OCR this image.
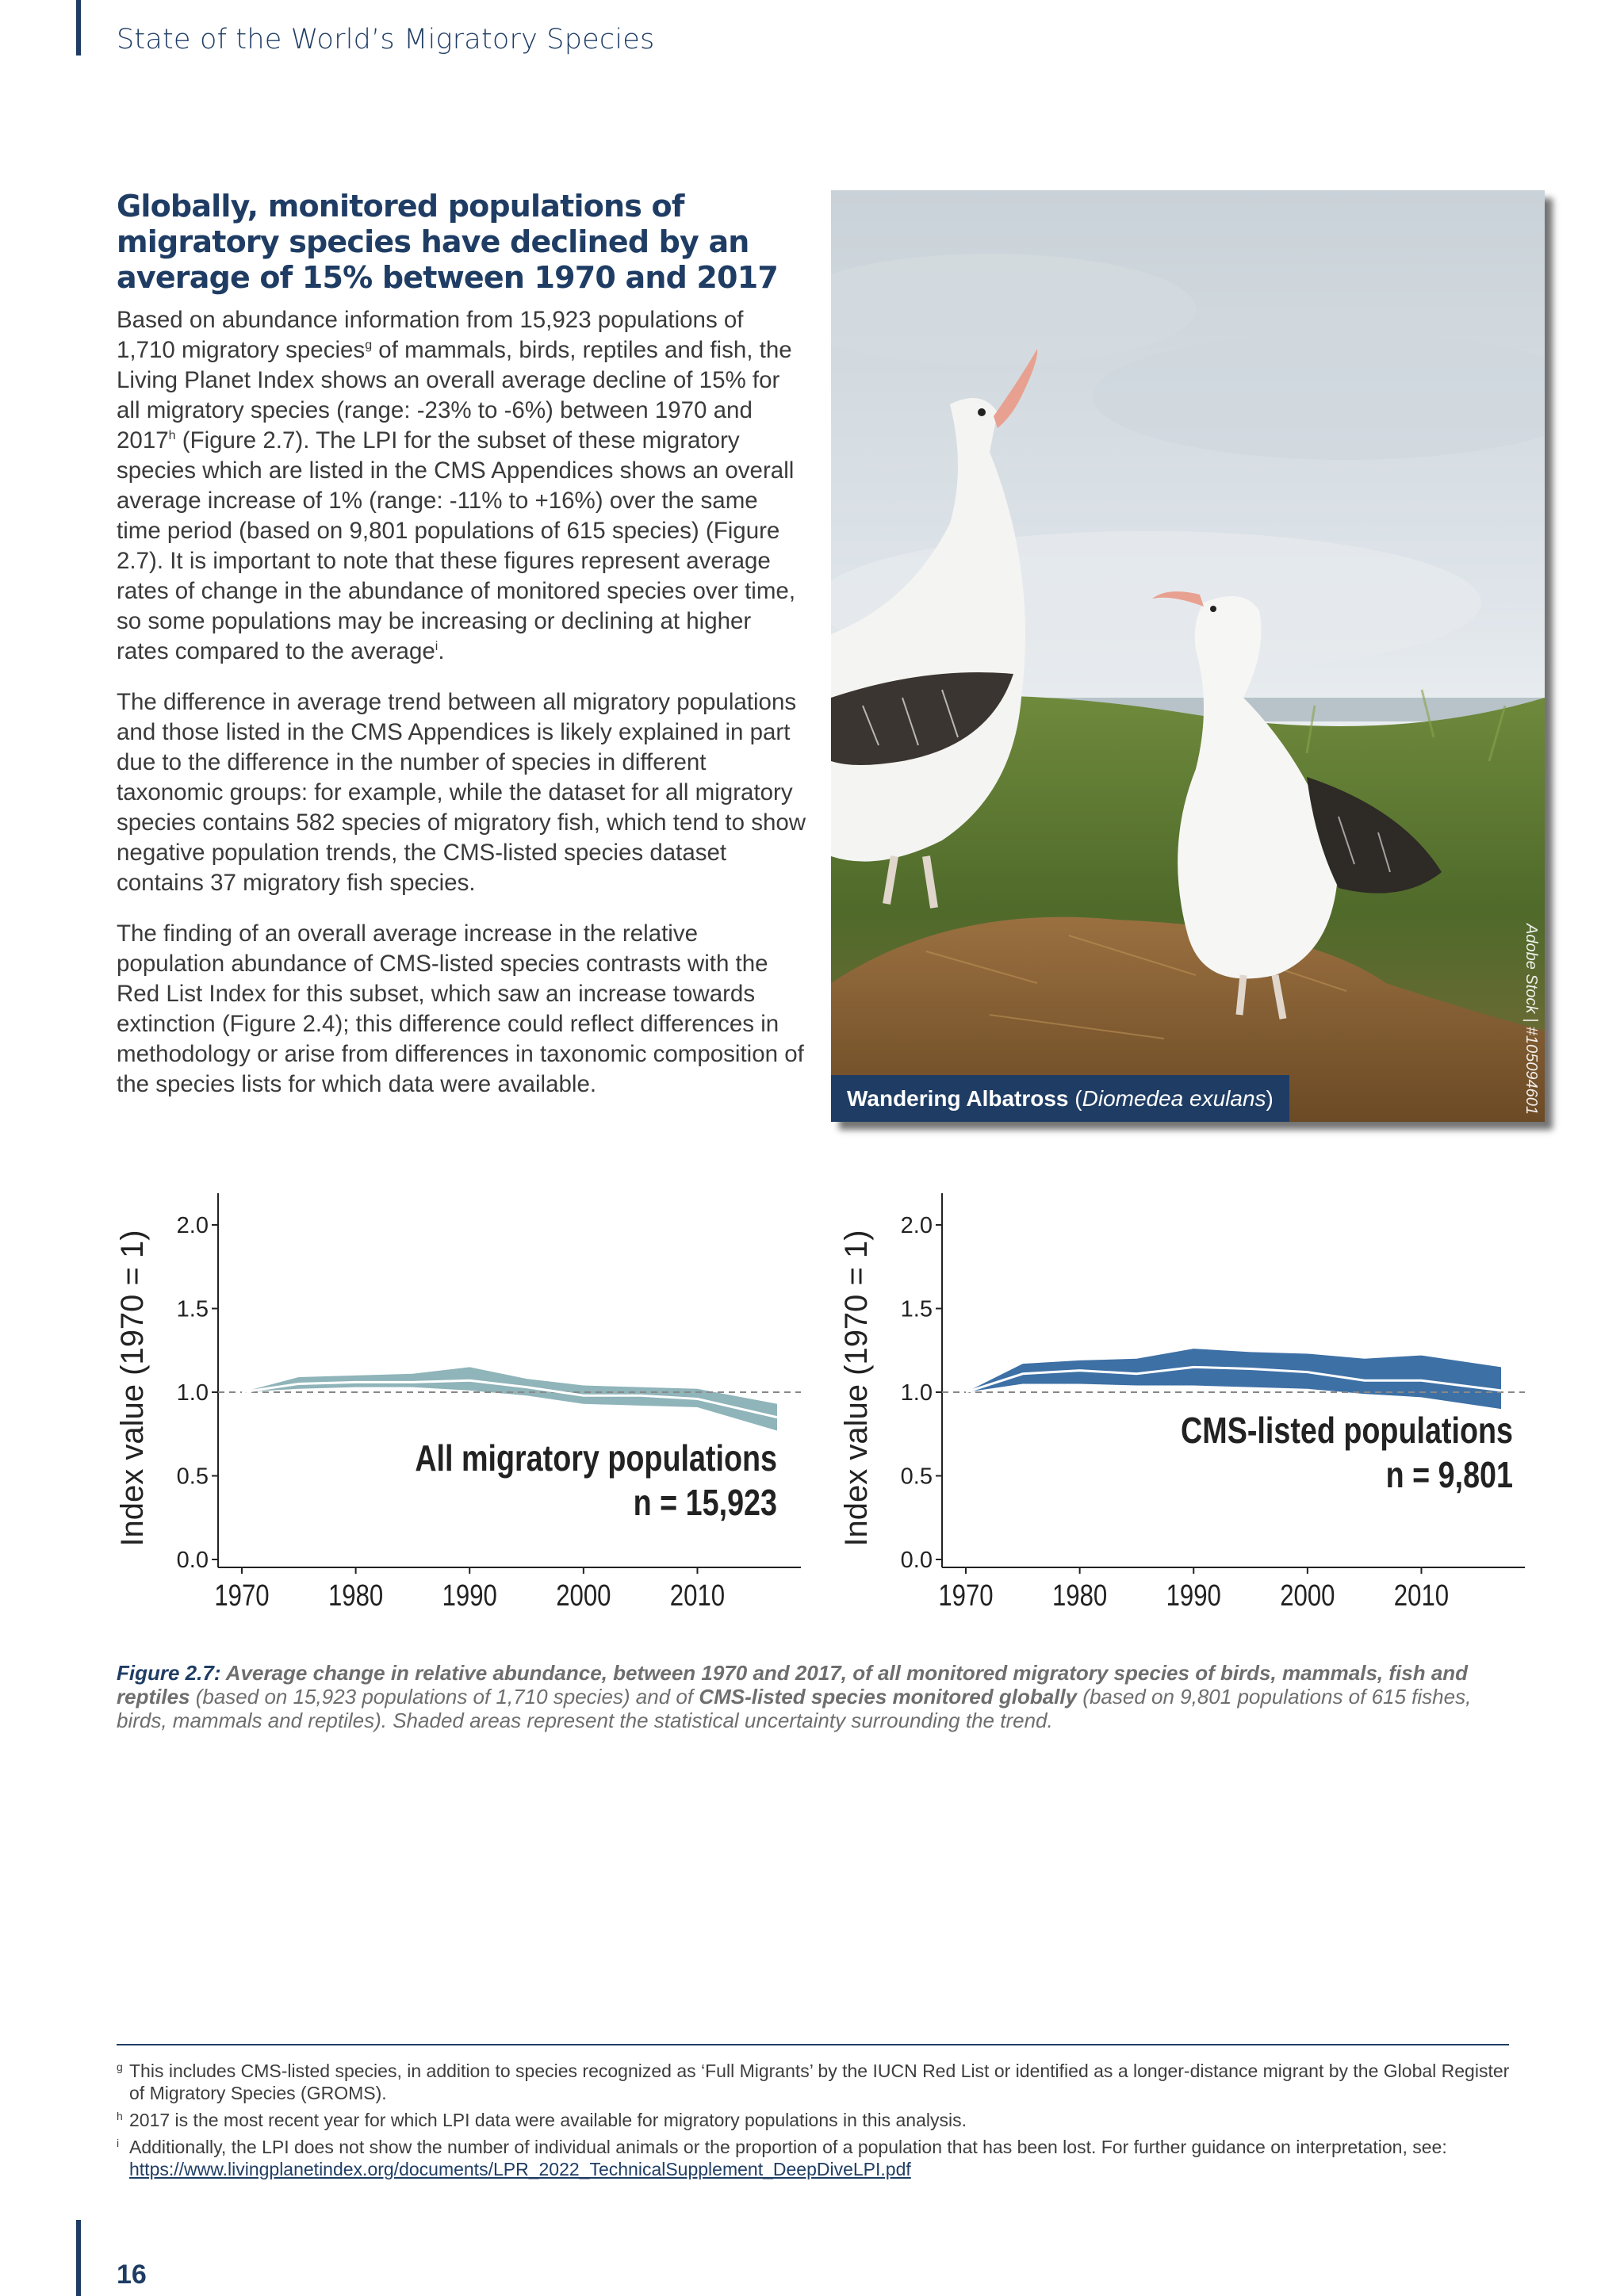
State of the World’s Migratory Species
Globally, monitored populations of migratory species have declined by an average of 15% between 1970 and 2017

Based on abundance information from 15,923 populations of 1,710 migratory species$^g$ of mammals, birds, reptiles and fish, the Living Planet Index shows an overall average decline of 15% for all migratory species (range: -23% to -6%) between 1970 and 2017$^h$ (Figure 2.7). The LPI for the subset of these migratory species which are listed in the CMS Appendices shows an overall average increase of 1% (range: -11% to +16%) over the same time period (based on 9,801 populations of 615 species) (Figure 2.7). It is important to note that these figures represent average rates of change in the abundance of monitored species over time, so some populations may be increasing or declining at higher rates compared to the average$^i$.

The difference in average trend between all migratory populations and those listed in the CMS Appendices is likely explained in part due to the difference in the number of species in different taxonomic groups: for example, while the dataset for all migratory species contains 582 species of migratory fish, which tend to show negative population trends, the CMS-listed species dataset contains 37 migratory fish species.

The finding of an overall average increase in the relative population abundance of CMS-listed species contrasts with the Red List Index for this subset, which saw an increase towards extinction (Figure 2.4); this difference could reflect differences in methodology or arise from differences in taxonomic composition of the species lists for which data were available.	Adobe Stock | #105094601
Wandering Albatross (Diomedea exulans)
Index value (1970 = 1)
0.0
0.5
1.0
1.5
2.0
1970 1980 1990 2000 2010
All migratory populations
n = 15,923 Index value (1970 = 1)
0.0
0.5
1.0
1.5
2.0
1970 1980 1990 2000 2010
CMS-listed populations
n = 9,801
Figure 2.7: Average change in relative abundance, between 1970 and 2017, of all monitored migratory species of birds, mammals, fish and reptiles (based on 15,923 populations of 1,710 species) and of CMS-listed species monitored globally (based on 9,801 populations of 615 fishes, birds, mammals and reptiles). Shaded areas represent the statistical uncertainty surrounding the trend.
g This includes CMS-listed species, in addition to species recognized as ‘Full Migrants’ by the IUCN Red List or identified as a longer-distance migrant by the Global Register of Migratory Species (GROMS).
h 2017 is the most recent year for which LPI data were available for migratory populations in this analysis.
i Additionally, the LPI does not show the number of individual animals or the proportion of a population that has been lost. For further guidance on interpretation, see: https://www.livingplanetindex.org/documents/LPR_2022_TechnicalSupplement_DeepDiveLPI.pdf
16
